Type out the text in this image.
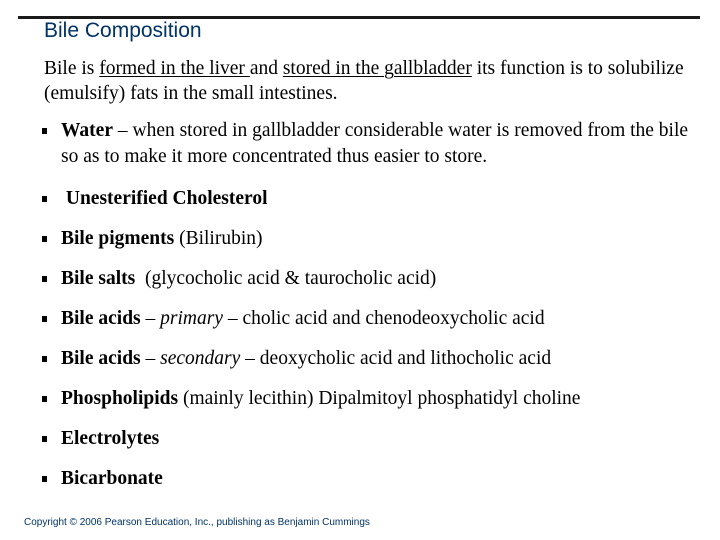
Bile Composition

Bile is formed in the liver and stored in the gallbladder its function is to solubilize (emulsify) fats in the small intestines.

Water – when stored in gallbladder considerable water is removed from the bile so as to make it more concentrated thus easier to store.
Unesterified Cholesterol
Bile pigments (Bilirubin)
Bile salts  (glycocholic acid & taurocholic acid)
Bile acids – primary – cholic acid and chenodeoxycholic acid
Bile acids – secondary – deoxycholic acid and lithocholic acid
Phospholipids (mainly lecithin) Dipalmitoyl phosphatidyl choline
Electrolytes
Bicarbonate
Copyright © 2006 Pearson Education, Inc., publishing as Benjamin Cummings
